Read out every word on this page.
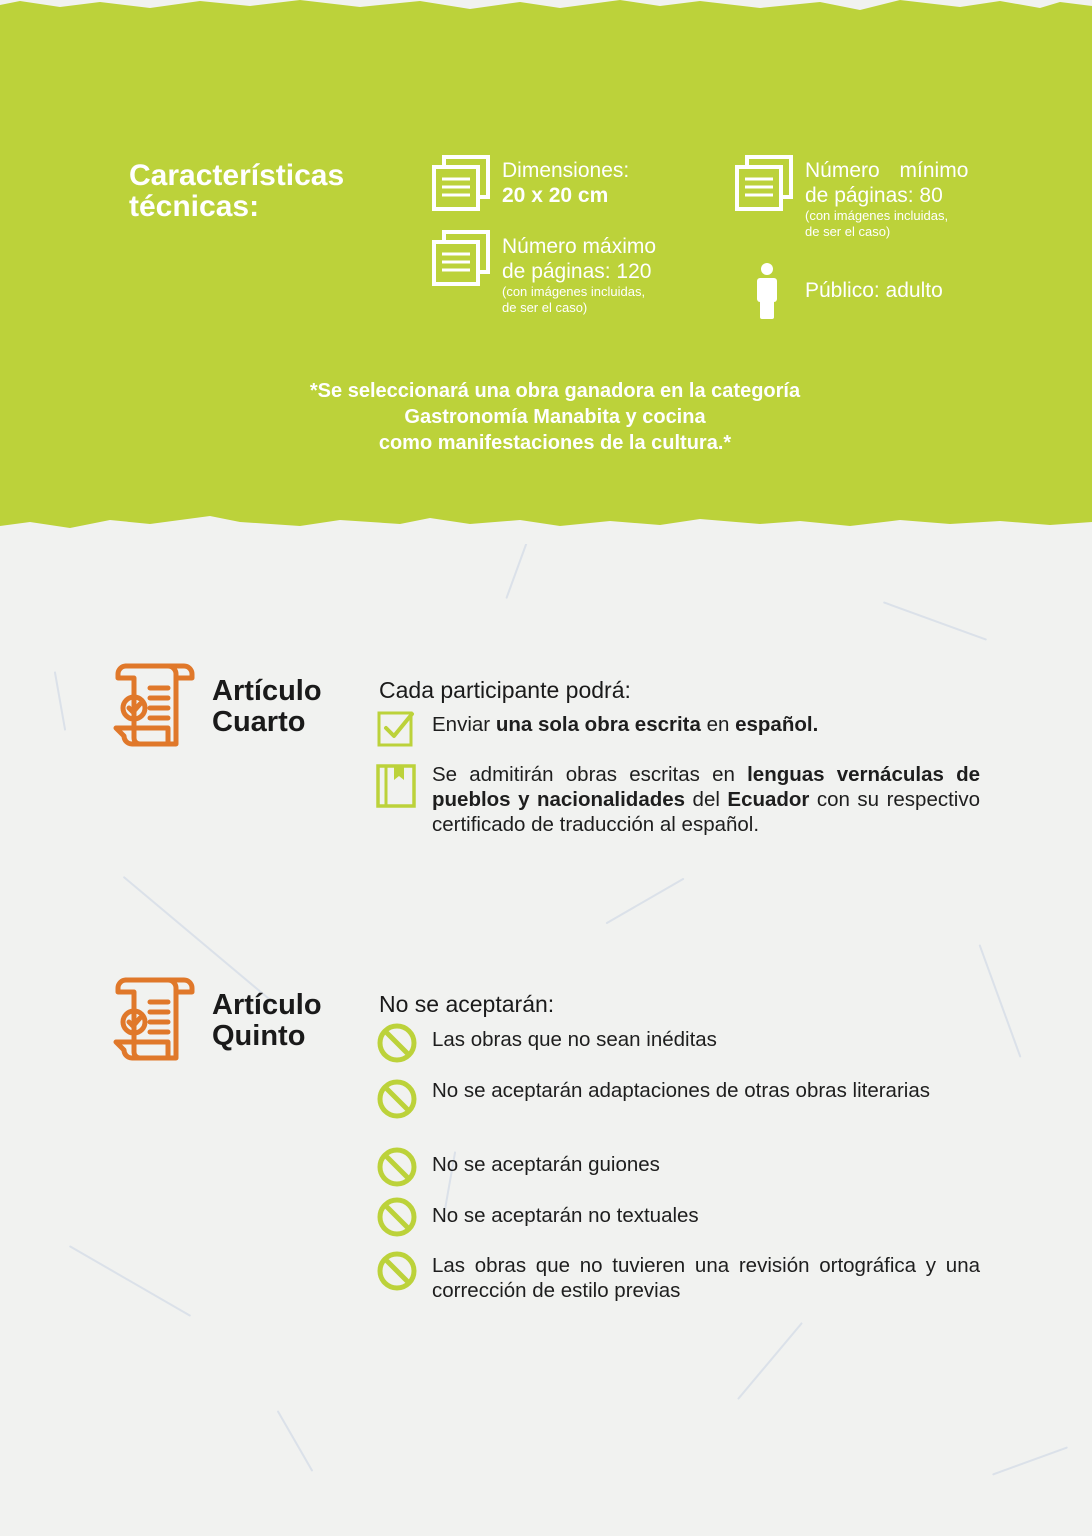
Características
técnicas:
Dimensiones:
20 x 20 cm
Número mínimo
de páginas: 80
(con imágenes incluidas,
de ser el caso)
Número máximo
de páginas: 120
(con imágenes incluidas,
de ser el caso)
Público: adulto
*Se seleccionará una obra ganadora en la categoría
Gastronomía Manabita y cocina
como manifestaciones de la cultura.*
Artículo
Cuarto
Cada participante podrá:
Enviar una sola obra escrita en español.
Se admitirán obras escritas en lenguas vernáculas de pueblos y nacionalidades del Ecuador con su respectivo certificado de traducción al español.
Artículo
Quinto
No se aceptarán:
Las obras que no sean inéditas
No se aceptarán adaptaciones de otras obras literarias
No se aceptarán guiones
No se aceptarán no textuales
Las obras que no tuvieren una revisión ortográfica y una corrección de estilo previas
